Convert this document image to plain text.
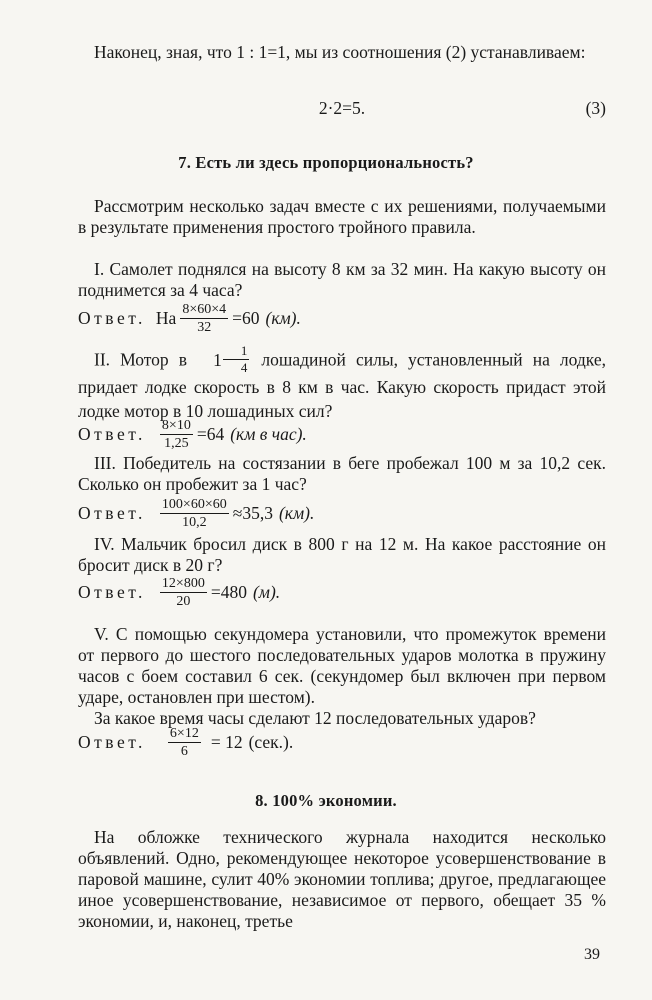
Наконец, зная, что 1 : 1=1, мы из соотношения (2) устанавливаем:

2·2=5.	(3)

7. Есть ли здесь пропорциональность?

Рассмотрим несколько задач вместе с их решениями, получаемыми в результате применения простого тройного правила.

I. Самолет поднялся на высоту 8 км за 32 мин. На какую высоту он поднимется за 4 часа?

Ответ. На $\frac{8\times 60\times 4}{32} =60$ (км).

II. Мотор в	$1 \frac{1}{4}$ лошадиной силы, установленный на лодке, придает лодке скорость в 8 км в час. Какую скорость придаст этой лодке мотор в 10 лошадиных сил?

Ответ. $\frac{8\times 10}{1,25} =64$ (км в час).

III. Победитель на состязании в беге пробежал 100 м за 10,2 сек. Сколько он пробежит за 1 час?

Ответ. $\frac{100\times 60\times 60}{10,2} \approx 35,3$ (км).

IV. Мальчик бросил диск в 800 г на 12 м. На какое расстояние он бросит диск в 20 г?

Ответ. $\frac{12\times 800}{20} =480$ (м).

V. С помощью секундомера установили, что промежуток времени от первого до шестого последовательных ударов молотка в пружину часов с боем составил 6 сек. (секундомер был включен при первом ударе, остановлен при шестом).

За какое время часы сделают 12 последовательных ударов?

Ответ. $\frac{6\times 12}{6} = 12$ (сек.).

8. 100% экономии.

На обложке технического журнала находится несколько объявлений. Одно, рекомендующее некоторое усовершенствование в паровой машине, сулит 40% экономии топлива; другое, предлагающее иное усовершенствование, независимое от первого, обещает 35 % экономии, и, наконец, третье

39
